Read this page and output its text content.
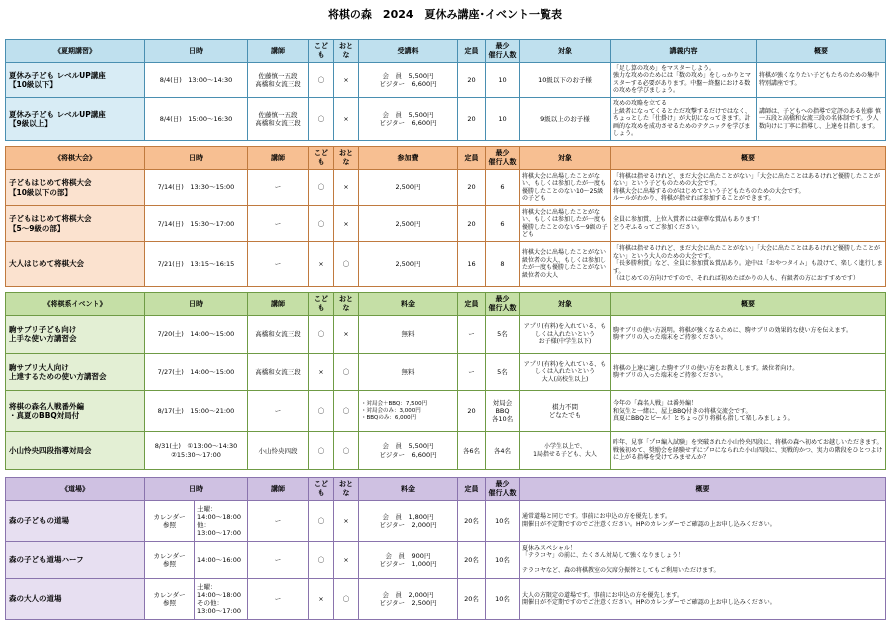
将棋の森　2024　夏休み講座･イベント一覧表
《夏期講習》	日時	講師	こども	おとな	受講料	定員	最少
催行人数	対象	講義内容	概要
夏休み子ども レベルUP講座
【10級以下】	8/4(日)　13:00～14:30	佐藤慎一五段
高橋和女流三段	〇	×	会　員　5,500円
ビジター　6,600円	20	10	10級以下のお子様	「足し算の攻め」をマスターしよう。
強力な攻めのためには「数の攻め」をしっかりとマスターする必要があります。中盤～終盤における数の攻めを学びましょう。	将棋が強くなりたい子どもたちのための集中特別講座です。
夏休み子ども レベルUP講座
【9級以上】	8/4(日)　15:00～16:30	佐藤慎一五段
高橋和女流三段	〇	×	会　員　5,500円
ビジター　6,600円	20	10	9級以上のお子様	攻めの攻略を立てる
上級者になってくるとただ攻撃するだけではなく、ちょっとした「仕掛け」が大切になってきます。計画的な攻めを成功させるためのテクニックを学びましょう。	講師は、子どもへの指導で定評のある佐藤 慎一五段と高橋和女流三段の名体制です。少人数向けに丁寧に指導し、上達を目指します。
《将棋大会》	日時	講師	こども	おとな	参加費	定員	最少
催行人数	対象	概要
子どもはじめて将棋大会
【10級以下の部】	7/14(日)　13:30～15:00	ー	〇	×	2,500円	20	6	将棋大会に出場したことがない、もしくは参加したが一度も優勝したことのない10～25級の子ども	「将棋は指せるけれど、まだ大会に出たことがない」「大会に出たことはあるけれど優勝したことがない」という子どものための大会です。
将棋大会に出場するのがはじめてという子どもたちのための大会です。
ルールがわかり、将棋が指せれば参加することができます。
子どもはじめて将棋大会
【5～9級の部】	7/14(日)　15:30～17:00	ー	〇	×	2,500円	20	6	将棋大会に出場したことがない、もしくは参加したが一度も優勝したことのない5～9級の子ども	全員に参加賞、上位入賞者には豪華な賞品もあります！
どうぞふるってご参加ください。
大人はじめて将棋大会	7/21(日)　13:15～16:15	ー	×	〇	2,500円	16	8	将棋大会に出場したことがない級位者の大人、もしくは参加したが一度も優勝したことがない級位者の大人	「将棋は指せるけれど、まだ大会に出たことがない」「大会に出たことはあるけれど優勝したことがない」という大人のための大会です。
「長多勝利賞」など、全員に参加賞＆賞品あり。途中は「おやつタイム」も設けて、楽しく進行します。
（はじめての方向けですので、それれば初めたばかりの人も、有級者の方におすすめです）
《将棋系イベント》	日時	講師	こども	おとな	料金	定員	最少
催行人数	対象	概要
駒サブリ子ども向け
上手な使い方講習会	7/20(土)　14:00～15:00	高橋和女流三段	〇	×	無料	ー	5名	アプリ(有料)を入れている、もしくは入れたいという
お子様(中学生以下)	駒サブリの使い方説明。将棋が強くなるために、駒サブリの効果的な使い方を伝えます。
駒サブリの入った端末をご持参ください。
駒サブリ大人向け
上達するための使い方講習会	7/27(土)　14:00～15:00	高橋和女流三段	×	〇	無料	ー	5名	アプリ(有料)を入れている、もしくは入れたいという
大人(高校生以上)	将棋の上達に適した駒サブリの使い方をお教えします。級位者向け。
駒サブリの入った端末をご持参ください。
将棋の森名人戦番外編
・真夏のBBQ対局付	8/17(土)　15:00～21:00	ー	〇	〇	・対局会＋BBQ：7,500円
・対局会のみ：3,000円
・BBQのみ：6,000円	20	対局会
BBQ
各10名	棋力不問
どなたでも	今年の「森名人戦」は番外編！
和気生と一緒に、屋上BBQ付きの将棋交流会です。
真夏にBBQとビール！とちょっぴり将棋も指して楽しみましょう。
小山怜央四段指導対局会	8/31(土)　①13:00～14:30
②15:30～17:00	小山怜央四段	〇	〇	会　員　5,500円
ビジター　6,600円	各6名	各4名	小学生以上で、
1局指せる子ども、大人	昨年、見事「プロ編入試験」を突破された小山怜央四段に、将棋の森へ初めてお越しいただきます。
戦後初めて、奨励会を経験せずにプロになられた小山四段に、実戦的かつ、実力の階段をひとつよけに上がる指導を受けてみませんか？
《道場》	日時		講師	こども	おとな	料金	定員	最少
催行人数	概要
森の子どもの道場	カレンダー
参照	土曜：
14:00～18:00
他：
13:00～17:00	ー	〇	×	会　員　1,800円
ビジター　2,000円	20名	10名	通常道場と同じです。事前にお申込の方を優先します。
開催日が不定期ですのでご注意ください。HPのカレンダーでご確認の上お申し込みください。
森の子ども道場ハーフ	カレンダー
参照	14:00～16:00	ー	〇	×	会　員　900円
ビジター　1,000円	20名	10名	夏休みスペシャル！
「テラコヤ」の前に、たくさん対局して強くなりましょう！

テラコヤなど、森の将棋教室の欠席分振替としてもご利用いただけます。
森の大人の道場	カレンダー
参照	土曜：
14:00～18:00
その他：
13:00～17:00	ー	×	〇	会　員　2,000円
ビジター　2,500円	20名	10名	大人の方限定の道場です。事前にお申込の方を優先します。
開催日が不定期ですのでご注意ください。HPのカレンダーでご確認の上お申し込みください。
